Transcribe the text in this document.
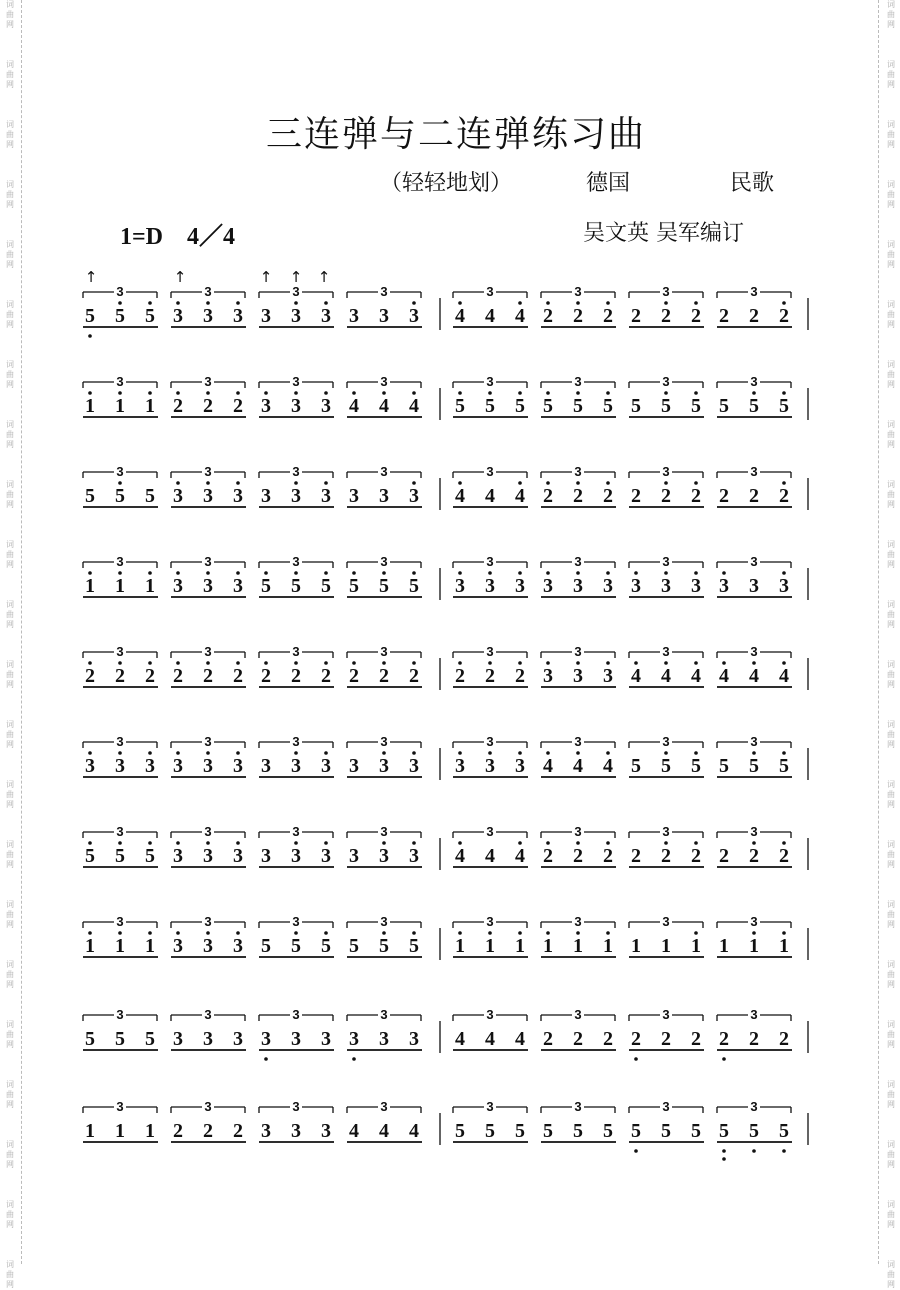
词
曲
网
词
曲
网
词
曲
网
词
曲
网
词
曲
网
词
曲
网
词
曲
网
词
曲
网
词
曲
网
词
曲
网
词
曲
网
词
曲
网
词
曲
网
词
曲
网
词
曲
网
词
曲
网
词
曲
网
词
曲
网
词
曲
网
词
曲
网
词
曲
网
词
曲
网
词
曲
网
词
曲
网
词
曲
网
词
曲
网
词
曲
网
词
曲
网
词
曲
网
词
曲
网
词
曲
网
词
曲
网
词
曲
网
词
曲
网
词
曲
网
词
曲
网
词
曲
网
词
曲
网
词
曲
网
词
曲
网
词
曲
网
词
曲
网
词
曲
网
词
曲
网
三连弹与二连弹练习曲
（轻轻地划）	德国	民歌
1=D　4／4	吴文英 吴军编订
3
5 5 5
3
3 3 3
3
3 3 3
3
3 3 3
3
4 4 4
3
2 2 2
3
2 2 2
3
2 2 2
3
1 1 1
3
2 2 2
3
3 3 3
3
4 4 4
3
5 5 5
3
5 5 5
3
5 5 5
3
5 5 5
3
5 5 5
3
3 3 3
3
3 3 3
3
3 3 3
3
4 4 4
3
2 2 2
3
2 2 2
3
2 2 2
3
1 1 1
3
3 3 3
3
5 5 5
3
5 5 5
3
3 3 3
3
3 3 3
3
3 3 3
3
3 3 3
3
2 2 2
3
2 2 2
3
2 2 2
3
2 2 2
3
2 2 2
3
3 3 3
3
4 4 4
3
4 4 4
3
3 3 3
3
3 3 3
3
3 3 3
3
3 3 3
3
3 3 3
3
4 4 4
3
5 5 5
3
5 5 5
3
5 5 5
3
3 3 3
3
3 3 3
3
3 3 3
3
4 4 4
3
2 2 2
3
2 2 2
3
2 2 2
3
1 1 1
3
3 3 3
3
5 5 5
3
5 5 5
3
1 1 1
3
1 1 1
3
1 1 1
3
1 1 1
3
5 5 5
3
3 3 3
3
3 3 3
3
3 3 3
3
4 4 4
3
2 2 2
3
2 2 2
3
2 2 2
3
1 1 1
3
2 2 2
3
3 3 3
3
4 4 4
3
5 5 5
3
5 5 5
3
5 5 5
3
5 5 5
↑	↑	↑ ↑ ↑
